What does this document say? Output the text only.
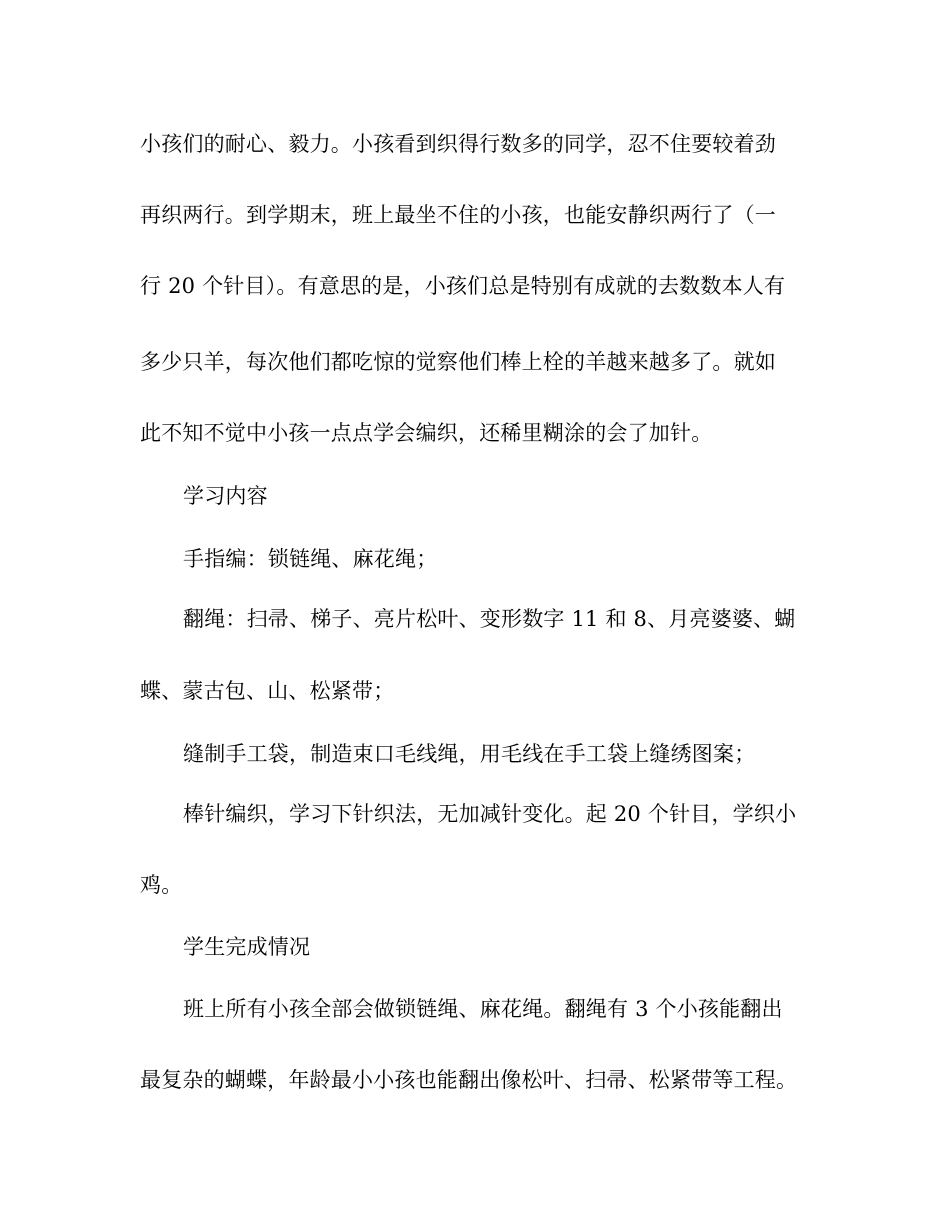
小孩们的耐心、毅力。小孩看到织得行数多的同学，忍不住要较着劲
再织两行。到学期末，班上最坐不住的小孩，也能安静织两行了（一
行 20 个针目）。有意思的是，小孩们总是特别有成就的去数数本人有
多少只羊，每次他们都吃惊的觉察他们棒上栓的羊越来越多了。就如
此不知不觉中小孩一点点学会编织，还稀里糊涂的会了加针。
学习内容
手指编：锁链绳、麻花绳；
翻绳：扫帚、梯子、亮片松叶、变形数字 11 和 8、月亮婆婆、蝴
蝶、蒙古包、山、松紧带；
缝制手工袋，制造束口毛线绳，用毛线在手工袋上缝绣图案；
棒针编织，学习下针织法，无加减针变化。起 20 个针目，学织小
鸡。
学生完成情况
班上所有小孩全部会做锁链绳、麻花绳。翻绳有 3 个小孩能翻出
最复杂的蝴蝶，年龄最小小孩也能翻出像松叶、扫帚、松紧带等工程。
